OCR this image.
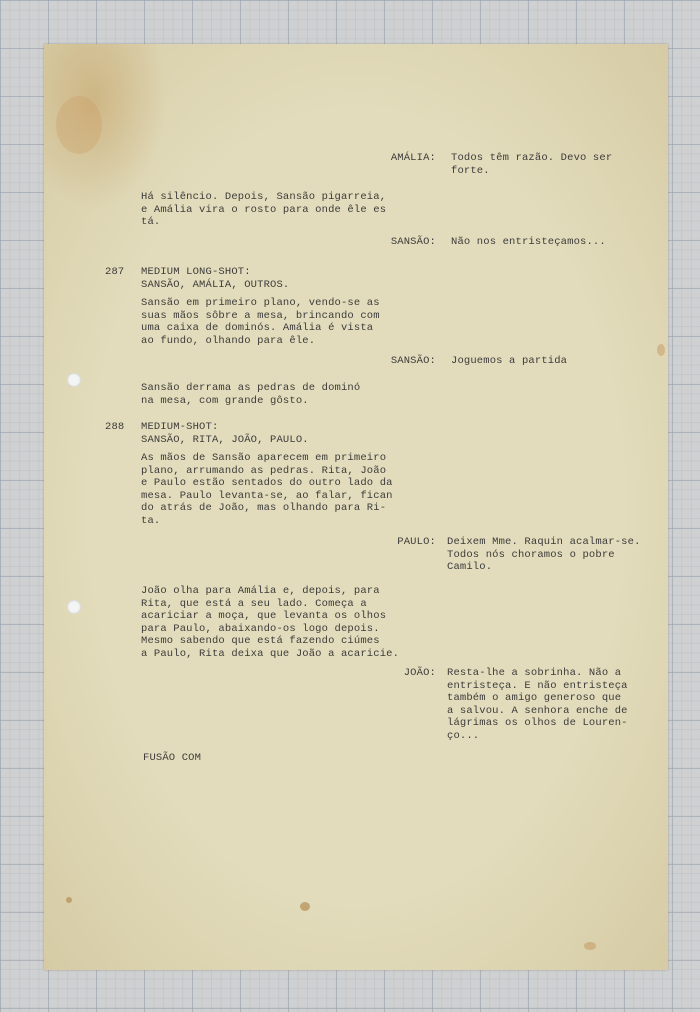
AMÁLIA: Todos têm razão. Devo ser
forte.

Há silêncio. Depois, Sansão pigarreia,
e Amália vira o rosto para onde êle es
tá.

SANSÃO: Não nos entristeçamos...

287 MEDIUM LONG-SHOT:
SANSÃO, AMÁLIA, OUTROS.

Sansão em primeiro plano, vendo-se as
suas mãos sôbre a mesa, brincando com
uma caixa de dominós. Amália é vista
ao fundo, olhando para êle.

SANSÃO: Joguemos a partida

Sansão derrama as pedras de dominó
na mesa, com grande gôsto.

288 MEDIUM-SHOT:
SANSÃO, RITA, JOÃO, PAULO.

As mãos de Sansão aparecem em primeiro
plano, arrumando as pedras. Rita, João
e Paulo estão sentados do outro lado da
mesa. Paulo levanta-se, ao falar, fican
do atrás de João, mas olhando para Ri-
ta.

PAULO: Deixem Mme. Raquin acalmar-se.
Todos nós choramos o pobre
Camilo.

João olha para Amália e, depois, para
Rita, que está a seu lado. Começa a
acariciar a moça, que levanta os olhos
para Paulo, abaixando-os logo depois.
Mesmo sabendo que está fazendo ciúmes
a Paulo, Rita deixa que João a acaricie.

JOÃO: Resta-lhe a sobrinha. Não a
entristeça. E não entristeça
também o amigo generoso que
a salvou. A senhora enche de
lágrimas os olhos de Louren-
ço...

FUSÃO COM
